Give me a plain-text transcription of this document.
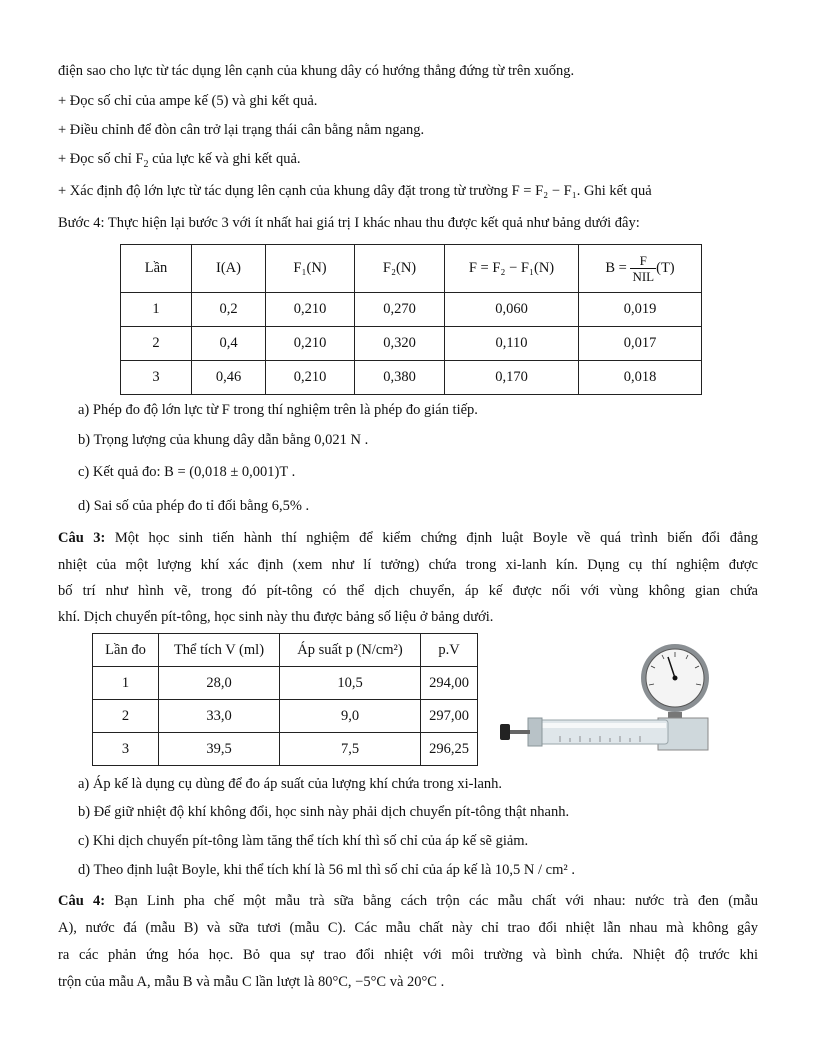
điện sao cho lực từ tác dụng lên cạnh của khung dây có hướng thẳng đứng từ trên xuống.
+ Đọc số chỉ của ampe kế (5) và ghi kết quả.
+ Điều chỉnh để đòn cân trở lại trạng thái cân bằng nằm ngang.
+ Đọc số chỉ $F_2$ của lực kế và ghi kết quả.
+ Xác định độ lớn lực từ tác dụng lên cạnh của khung dây đặt trong từ trường F = F₂ − F₁. Ghi kết quả
Bước 4: Thực hiện lại bước 3 với ít nhất hai giá trị I khác nhau thu được kết quả như bảng dưới đây:
Lần	I(A)	F₁(N)	F₂(N)	F = F₂ − F₁(N)	$B = \frac{F}{\text{NIL}} (T)$
1	0,2	0,210	0,270	0,060	0,019
2	0,4	0,210	0,320	0,110	0,017
3	0,46	0,210	0,380	0,170	0,018
a) Phép đo độ lớn lực từ F trong thí nghiệm trên là phép đo gián tiếp.
b) Trọng lượng của khung dây dẫn bằng 0,021 N .
c) Kết quả đo: B = (0,018 ± 0,001)T .
d) Sai số của phép đo tỉ đối bằng 6,5% .
Câu 3: Một học sinh tiến hành thí nghiệm để kiểm chứng định luật Boyle về quá trình biến đổi đẳng
nhiệt của một lượng khí xác định (xem như lí tưởng) chứa trong xi-lanh kín. Dụng cụ thí nghiệm được
bố trí như hình vẽ, trong đó pít-tông có thể dịch chuyển, áp kế được nối với vùng không gian chứa
khí. Dịch chuyển pít-tông, học sinh này thu được bảng số liệu ở bảng dưới.
Lần đo	Thể tích V (ml)	Áp suất p (N/cm²)	p.V
1	28,0	10,5	294,00
2	33,0	9,0	297,00
3	39,5	7,5	296,25
a) Áp kế là dụng cụ dùng để đo áp suất của lượng khí chứa trong xi-lanh.
b) Để giữ nhiệt độ khí không đổi, học sinh này phải dịch chuyển pít-tông thật nhanh.
c) Khi dịch chuyển pít-tông làm tăng thể tích khí thì số chỉ của áp kế sẽ giảm.
d) Theo định luật Boyle, khi thể tích khí là 56 ml thì số chỉ của áp kế là 10,5 N / cm² .
Câu 4: Bạn Linh pha chế một mẫu trà sữa bằng cách trộn các mẫu chất với nhau: nước trà đen (mẫu
A), nước đá (mẫu B) và sữa tươi (mẫu C). Các mẫu chất này chỉ trao đổi nhiệt lẫn nhau mà không gây
ra các phản ứng hóa học. Bỏ qua sự trao đổi nhiệt với môi trường và bình chứa. Nhiệt độ trước khi
trộn của mẫu A, mẫu B và mẫu C lần lượt là 80°C, −5°C và 20°C .
